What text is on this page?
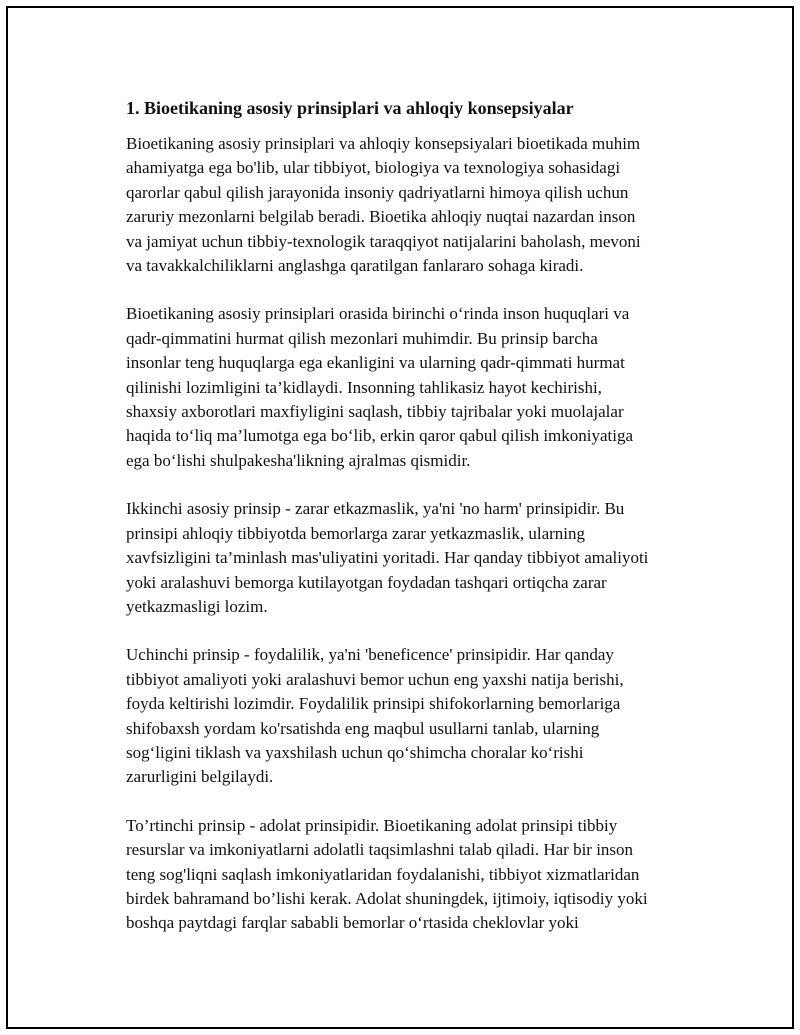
1. Bioetikaning asosiy prinsiplari va ahloqiy konsepsiyalar

Bioetikaning asosiy prinsiplari va ahloqiy konsepsiyalari bioetikada muhim
ahamiyatga ega bo'lib, ular tibbiyot, biologiya va texnologiya sohasidagi
qarorlar qabul qilish jarayonida insoniy qadriyatlarni himoya qilish uchun
zaruriy mezonlarni belgilab beradi. Bioetika ahloqiy nuqtai nazardan inson
va jamiyat uchun tibbiy-texnologik taraqqiyot natijalarini baholash, mevoni
va tavakkalchiliklarni anglashga qaratilgan fanlararo sohaga kiradi.

Bioetikaning asosiy prinsiplari orasida birinchi o‘rinda inson huquqlari va
qadr-qimmatini hurmat qilish mezonlari muhimdir. Bu prinsip barcha
insonlar teng huquqlarga ega ekanligini va ularning qadr-qimmati hurmat
qilinishi lozimligini ta’kidlaydi. Insonning tahlikasiz hayot kechirishi,
shaxsiy axborotlari maxfiyligini saqlash, tibbiy tajribalar yoki muolajalar
haqida to‘liq ma’lumotga ega bo‘lib, erkin qaror qabul qilish imkoniyatiga
ega bo‘lishi shulpakesha'likning ajralmas qismidir.

Ikkinchi asosiy prinsip - zarar etkazmaslik, ya'ni 'no harm' prinsipidir. Bu
prinsipi ahloqiy tibbiyotda bemorlarga zarar yetkazmaslik, ularning
xavfsizligini ta’minlash mas'uliyatini yoritadi. Har qanday tibbiyot amaliyoti
yoki aralashuvi bemorga kutilayotgan foydadan tashqari ortiqcha zarar
yetkazmasligi lozim.

Uchinchi prinsip - foydalilik, ya'ni 'beneficence' prinsipidir. Har qanday
tibbiyot amaliyoti yoki aralashuvi bemor uchun eng yaxshi natija berishi,
foyda keltirishi lozimdir. Foydalilik prinsipi shifokorlarning bemorlariga
shifobaxsh yordam ko'rsatishda eng maqbul usullarni tanlab, ularning
sog‘ligini tiklash va yaxshilash uchun qo‘shimcha choralar ko‘rishi
zarurligini belgilaydi.

To’rtinchi prinsip - adolat prinsipidir. Bioetikaning adolat prinsipi tibbiy
resurslar va imkoniyatlarni adolatli taqsimlashni talab qiladi. Har bir inson
teng sog'liqni saqlash imkoniyatlaridan foydalanishi, tibbiyot xizmatlaridan
birdek bahramand bo’lishi kerak. Adolat shuningdek, ijtimoiy, iqtisodiy yoki
boshqa paytdagi farqlar sababli bemorlar o‘rtasida cheklovlar yoki
